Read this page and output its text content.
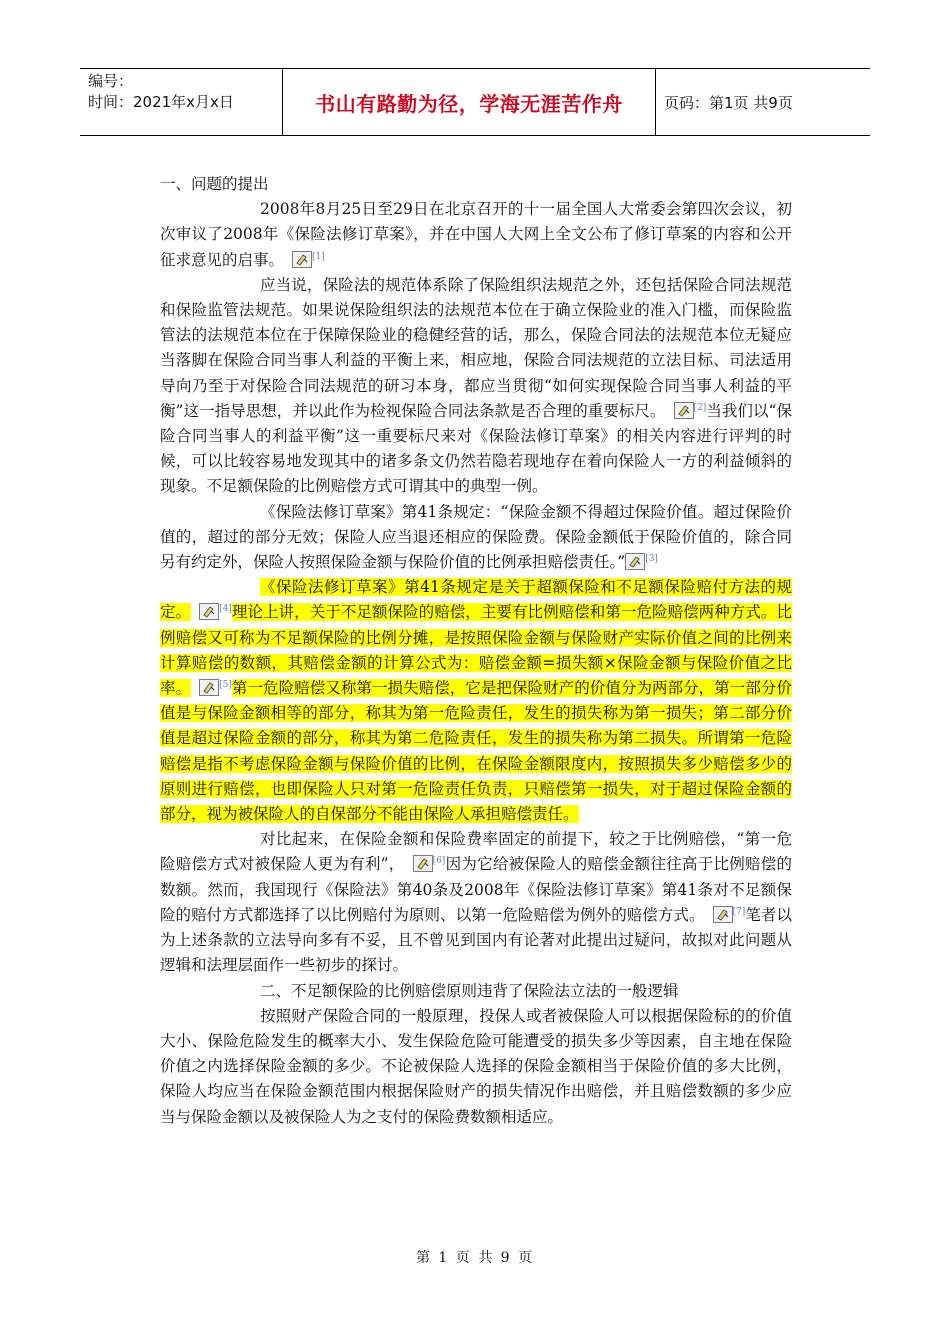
编号：
时间：2021年x月x日	书山有路勤为径，学海无涯苦作舟	页码：第1页 共9页

一、问题的提出

2008年8月25日至29日在北京召开的十一届全国人大常委会第四次会议，初次审议了2008年《保险法修订草案》，并在中国人大网上全文公布了修订草案的内容和公开征求意见的启事。	[1]

应当说，保险法的规范体系除了保险组织法规范之外，还包括保险合同法规范和保险监管法规范。如果说保险组织法的法规范本位在于确立保险业的准入门槛，而保险监管法的法规范本位在于保障保险业的稳健经营的话，那么，保险合同法的法规范本位无疑应当落脚在保险合同当事人利益的平衡上来，相应地，保险合同法规范的立法目标、司法适用导向乃至于对保险合同法规范的研习本身，都应当贯彻“如何实现保险合同当事人利益的平衡”这一指导思想，并以此作为检视保险合同法条款是否合理的重要标尺。	[2]当我们以“保险合同当事人的利益平衡”这一重要标尺来对《保险法修订草案》的相关内容进行评判的时候，可以比较容易地发现其中的诸多条文仍然若隐若现地存在着向保险人一方的利益倾斜的现象。不足额保险的比例赔偿方式可谓其中的典型一例。

《保险法修订草案》第41条规定：“保险金额不得超过保险价值。超过保险价值的，超过的部分无效；保险人应当退还相应的保险费。保险金额低于保险价值的，除合同另有约定外，保险人按照保险金额与保险价值的比例承担赔偿责任。” [3]

《保险法修订草案》第41条规定是关于超额保险和不足额保险赔付方法的规定。	[4]理论上讲，关于不足额保险的赔偿，主要有比例赔偿和第一危险赔偿两种方式。比例赔偿又可称为不足额保险的比例分摊，是按照保险金额与保险财产实际价值之间的比例来计算赔偿的数额，其赔偿金额的计算公式为：赔偿金额=损失额×保险金额与保险价值之比率。	[5]第一危险赔偿又称第一损失赔偿，它是把保险财产的价值分为两部分，第一部分价值是与保险金额相等的部分，称其为第一危险责任，发生的损失称为第一损失；第二部分价值是超过保险金额的部分，称其为第二危险责任，发生的损失称为第二损失。所谓第一危险赔偿是指不考虑保险金额与保险价值的比例，在保险金额限度内，按照损失多少赔偿多少的原则进行赔偿，也即保险人只对第一危险责任负责，只赔偿第一损失，对于超过保险金额的部分，视为被保险人的自保部分不能由保险人承担赔偿责任。

对比起来，在保险金额和保险费率固定的前提下，较之于比例赔偿，“第一危险赔偿方式对被保险人更为有利”，	[6]因为它给被保险人的赔偿金额往往高于比例赔偿的数额。然而，我国现行《保险法》第40条及2008年《保险法修订草案》第41条对不足额保险的赔付方式都选择了以比例赔付为原则、以第一危险赔偿为例外的赔偿方式。	[7]笔者以为上述条款的立法导向多有不妥，且不曾见到国内有论著对此提出过疑问，故拟对此问题从逻辑和法理层面作一些初步的探讨。

二、不足额保险的比例赔偿原则违背了保险法立法的一般逻辑

按照财产保险合同的一般原理，投保人或者被保险人可以根据保险标的的价值大小、保险危险发生的概率大小、发生保险危险可能遭受的损失多少等因素，自主地在保险价值之内选择保险金额的多少。不论被保险人选择的保险金额相当于保险价值的多大比例，保险人均应当在保险金额范围内根据保险财产的损失情况作出赔偿，并且赔偿数额的多少应当与保险金额以及被保险人为之支付的保险费数额相适应。

第 1 页 共 9 页
